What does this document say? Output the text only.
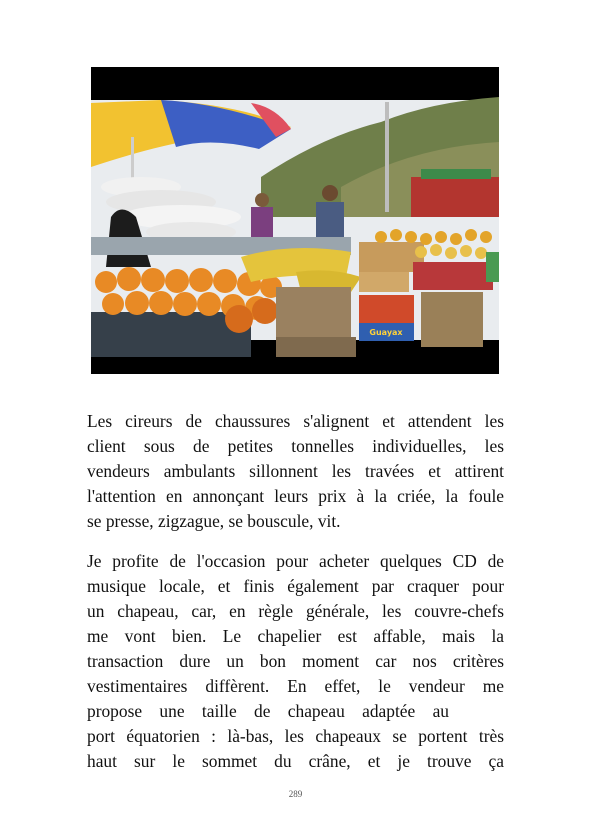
Guayax

Les cireurs de chaussures s'alignent et attendent les
client sous de petites tonnelles individuelles, les
vendeurs ambulants sillonnent les travées et attirent
l'attention en annonçant leurs prix à la criée, la foule
se presse, zigzague, se bouscule, vit.

Je profite de l'occasion pour acheter quelques CD de
musique locale, et finis également par craquer pour
un chapeau, car, en règle générale, les couvre-chefs
me vont bien. Le chapelier est affable, mais la
transaction dure un bon moment car nos critères
vestimentaires diffèrent. En effet, le vendeur me
propose une taille de chapeau adaptée au
port équatorien : là-bas, les chapeaux se portent très
haut sur le sommet du crâne, et je trouve ça

289
